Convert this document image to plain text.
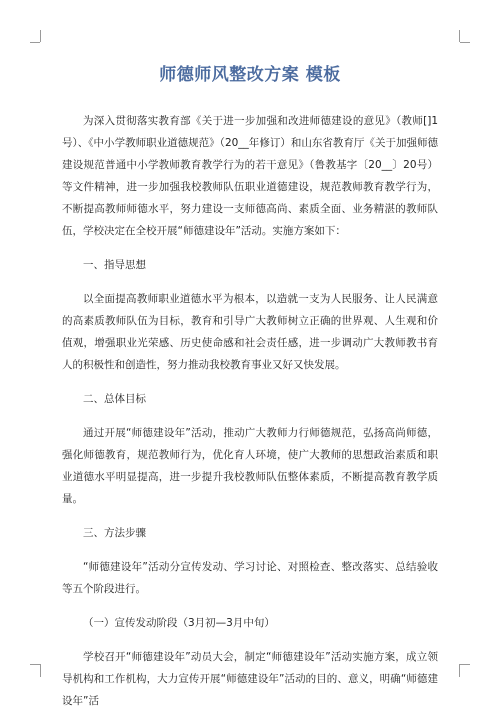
师德师风整改方案 模板

为深入贯彻落实教育部《关于进一步加强和改进师德建设的意见》（教师[]1号）、《中小学教师职业道德规范》（20__年修订）和山东省教育厅《关于加强师德建设规范普通中小学教师教育教学行为的若干意见》（鲁教基字〔20__〕20号）等文件精神，进一步加强我校教师队伍职业道德建设，规范教师教育教学行为，不断提高教师师德水平，努力建设一支师德高尚、素质全面、业务精湛的教师队伍，学校决定在全校开展“师德建设年”活动。实施方案如下：

一、指导思想

以全面提高教师职业道德水平为根本，以造就一支为人民服务、让人民满意的高素质教师队伍为目标，教育和引导广大教师树立正确的世界观、人生观和价值观，增强职业光荣感、历史使命感和社会责任感，进一步调动广大教师教书育人的积极性和创造性，努力推动我校教育事业又好又快发展。

二、总体目标

通过开展“师德建设年”活动，推动广大教师力行师德规范，弘扬高尚师德，强化师德教育，规范教师行为，优化育人环境，使广大教师的思想政治素质和职业道德水平明显提高，进一步提升我校教师队伍整体素质，不断提高教育教学质量。

三、方法步骤

“师德建设年”活动分宣传发动、学习讨论、对照检查、整改落实、总结验收等五个阶段进行。

（一）宣传发动阶段（3月初—3月中旬）

学校召开“师德建设年”动员大会，制定“师德建设年”活动实施方案，成立领导机构和工作机构，大力宣传开展“师德建设年”活动的目的、意义，明确“师德建设年”活
